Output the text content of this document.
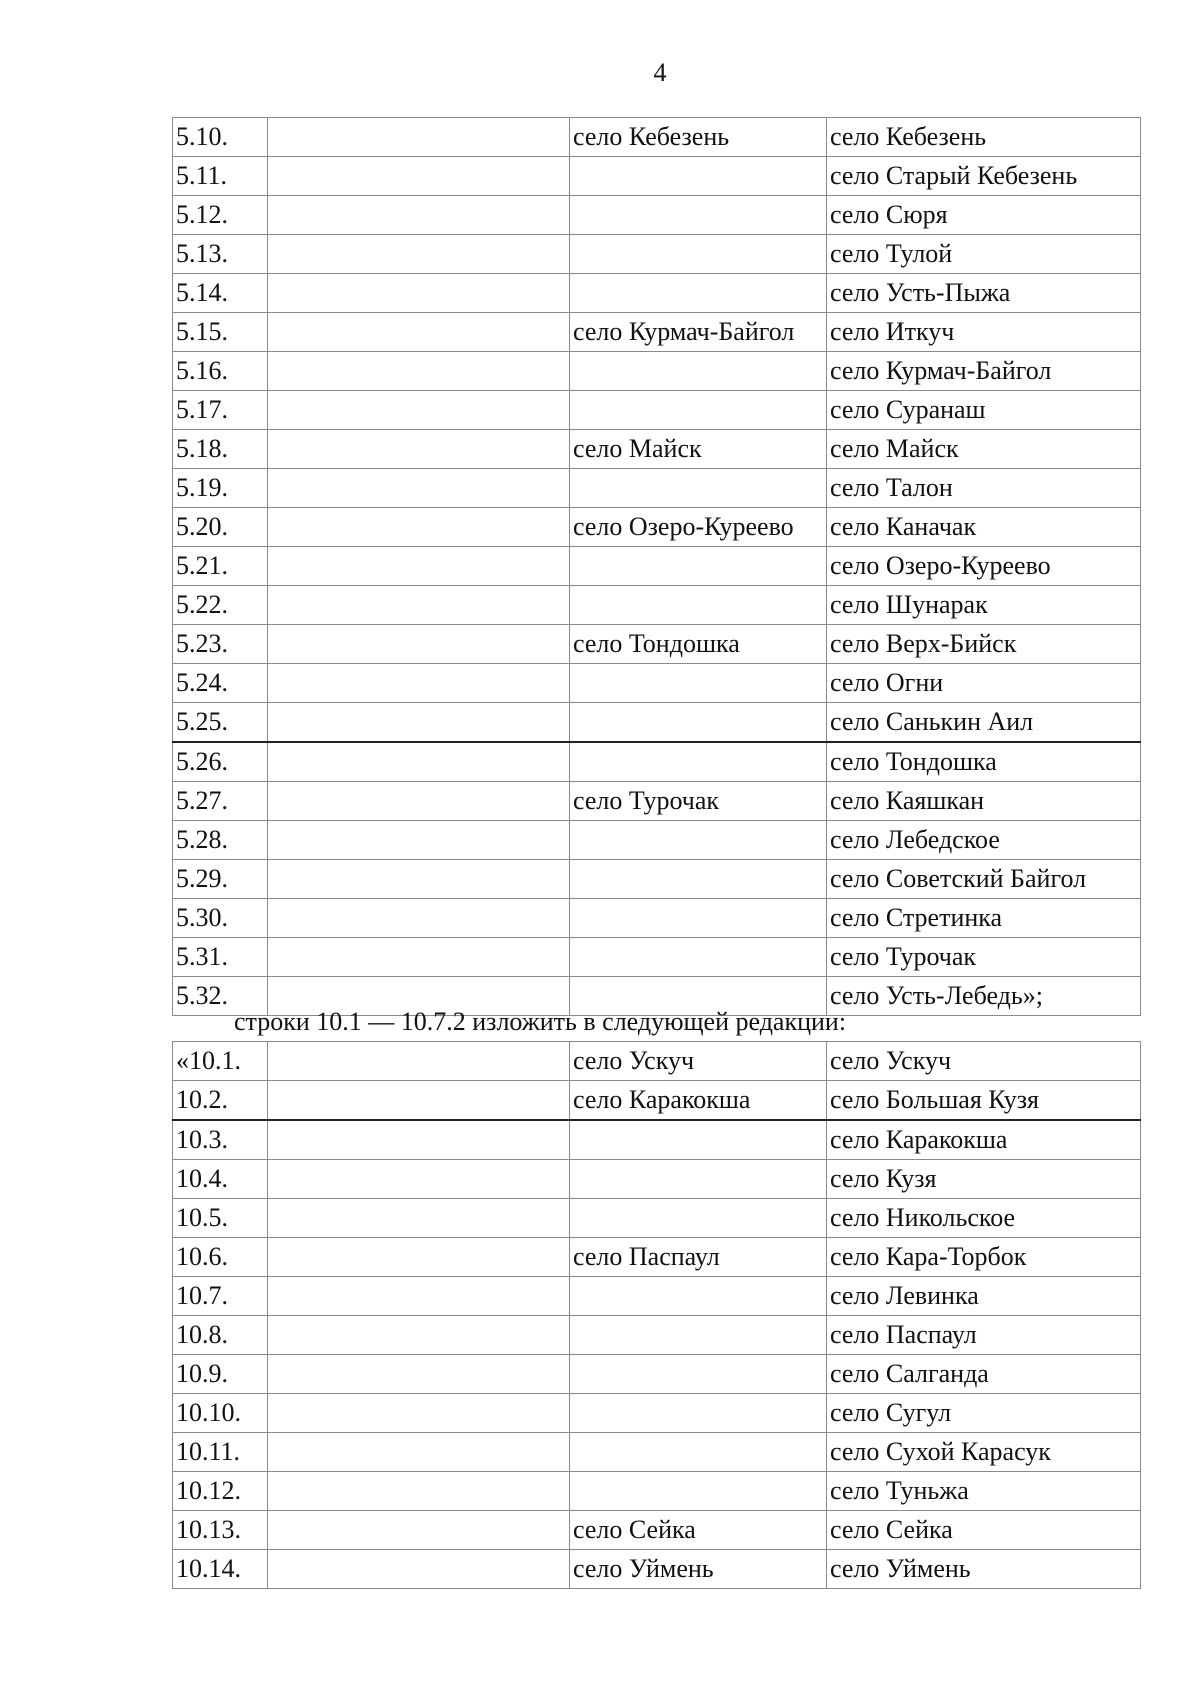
4
5.10.		село Кебезень	село Кебезень
5.11.			село Старый Кебезень
5.12.			село Сюря
5.13.			село Тулой
5.14.			село Усть-Пыжа
5.15.		село Курмач-Байгол	село Иткуч
5.16.			село Курмач-Байгол
5.17.			село Суранаш
5.18.		село Майск	село Майск
5.19.			село Талон
5.20.		село Озеро-Куреево	село Каначак
5.21.			село Озеро-Куреево
5.22.			село Шунарак
5.23.		село Тондошка	село Верх-Бийск
5.24.			село Огни
5.25.			село Санькин Аил
5.26.			село Тондошка
5.27.		село Турочак	село Каяшкан
5.28.			село Лебедское
5.29.			село Советский Байгол
5.30.			село Стретинка
5.31.			село Турочак
5.32.			село Усть-Лебедь»;
строки 10.1 — 10.7.2 изложить в следующей редакции:
«10.1.		село Ускуч	село Ускуч
10.2.		село Каракокша	село Большая Кузя
10.3.			село Каракокша
10.4.			село Кузя
10.5.			село Никольское
10.6.		село Паспаул	село Кара-Торбок
10.7.			село Левинка
10.8.			село Паспаул
10.9.			село Салганда
10.10.			село Сугул
10.11.			село Сухой Карасук
10.12.			село Туньжа
10.13.		село Сейка	село Сейка
10.14.		село Уймень	село Уймень
